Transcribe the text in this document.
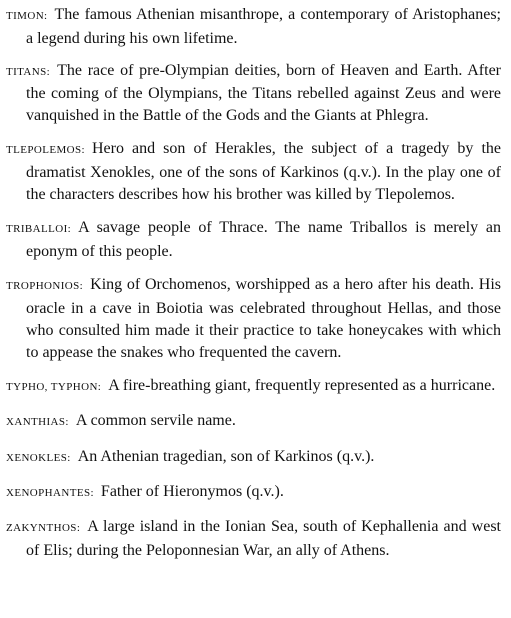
TIMON: The famous Athenian misanthrope, a contemporary of Aristophanes; a legend during his own lifetime.
TITANS: The race of pre-Olympian deities, born of Heaven and Earth. After the coming of the Olympians, the Titans rebelled against Zeus and were vanquished in the Battle of the Gods and the Giants at Phlegra.
TLEPOLEMOS: Hero and son of Herakles, the subject of a tragedy by the dramatist Xenokles, one of the sons of Karkinos (q.v.). In the play one of the characters describes how his brother was killed by Tlepolemos.
TRIBALLOI: A savage people of Thrace. The name Triballos is merely an eponym of this people.
TROPHONIOS: King of Orchomenos, worshipped as a hero after his death. His oracle in a cave in Boiotia was celebrated throughout Hellas, and those who consulted him made it their practice to take honeycakes with which to appease the snakes who frequented the cavern.
TYPHO, TYPHON: A fire-breathing giant, frequently represented as a hurricane.
XANTHIAS: A common servile name.
XENOKLES: An Athenian tragedian, son of Karkinos (q.v.).
XENOPHANTES: Father of Hieronymos (q.v.).
ZAKYNTHOS: A large island in the Ionian Sea, south of Kephallenia and west of Elis; during the Peloponnesian War, an ally of Athens.
